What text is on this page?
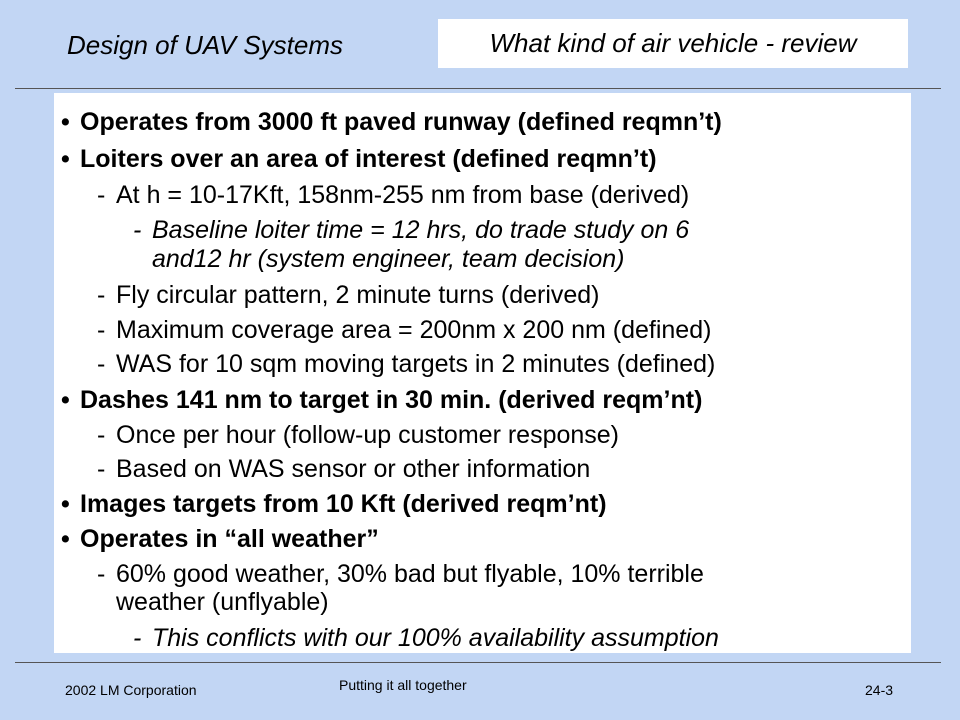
Design of UAV Systems	What kind of air vehicle - review
• Operates from 3000 ft paved runway (defined reqmn’t)
• Loiters over an area of interest (defined reqmn’t)
- At h = 10-17Kft, 158nm-255 nm from base (derived)
- Baseline loiter time = 12 hrs, do trade study on 6
and12 hr (system engineer, team decision)
- Fly circular pattern, 2 minute turns (derived)
- Maximum coverage area = 200nm x 200 nm (defined)
- WAS for 10 sqm moving targets in 2 minutes (defined)
• Dashes 141 nm to target in 30 min. (derived reqm’nt)
- Once per hour (follow-up customer response)
- Based on WAS sensor or other information
• Images targets from 10 Kft (derived reqm’nt)
• Operates in “all weather”
- 60% good weather, 30% bad but flyable, 10% terrible
weather (unflyable)
- This conflicts with our 100% availability assumption
2002 LM Corporation	Putting it all together	24-3
